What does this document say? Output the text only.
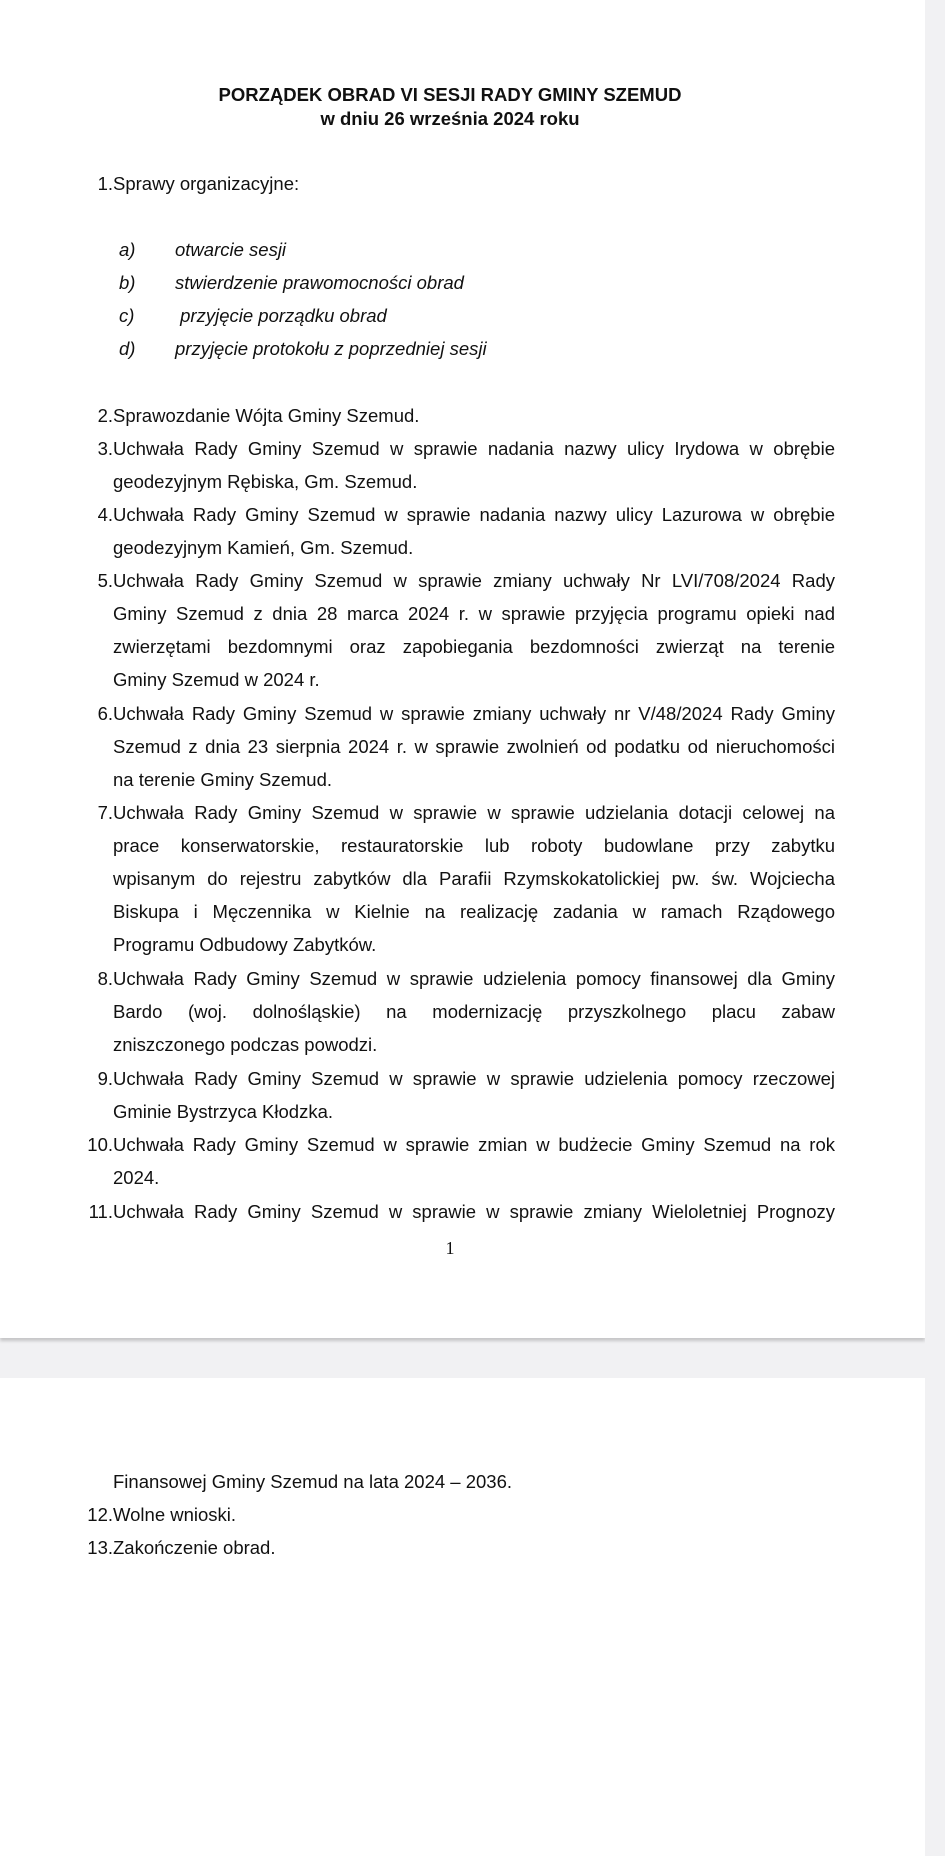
PORZĄDEK OBRAD VI SESJI RADY GMINY SZEMUD
w dniu 26 września 2024 roku
1. Sprawy organizacyjne:
a)	otwarcie sesji
b)	stwierdzenie prawomocności obrad
c)	przyjęcie porządku obrad
d)	przyjęcie protokołu z poprzedniej sesji
2. Sprawozdanie Wójta Gminy Szemud.
3. Uchwała Rady Gminy Szemud w sprawie nadania nazwy ulicy Irydowa w obrębie
geodezyjnym Rębiska, Gm. Szemud.
4. Uchwała Rady Gminy Szemud w sprawie nadania nazwy ulicy Lazurowa w obrębie
geodezyjnym Kamień, Gm. Szemud.
5. Uchwała Rady Gminy Szemud w sprawie zmiany uchwały Nr LVI/708/2024 Rady
Gminy Szemud z dnia 28 marca 2024 r. w sprawie przyjęcia programu opieki nad
zwierzętami bezdomnymi oraz zapobiegania bezdomności zwierząt na terenie
Gminy Szemud w 2024 r.
6. Uchwała Rady Gminy Szemud w sprawie zmiany uchwały nr V/48/2024 Rady Gminy
Szemud z dnia 23 sierpnia 2024 r. w sprawie zwolnień od podatku od nieruchomości
na terenie Gminy Szemud.
7. Uchwała Rady Gminy Szemud w sprawie w sprawie udzielania dotacji celowej na
prace konserwatorskie, restauratorskie lub roboty budowlane przy zabytku
wpisanym do rejestru zabytków dla Parafii Rzymskokatolickiej pw. św. Wojciecha
Biskupa i Męczennika w Kielnie na realizację zadania w ramach Rządowego
Programu Odbudowy Zabytków.
8. Uchwała Rady Gminy Szemud w sprawie udzielenia pomocy finansowej dla Gminy
Bardo (woj. dolnośląskie) na modernizację przyszkolnego placu zabaw
zniszczonego podczas powodzi.
9. Uchwała Rady Gminy Szemud w sprawie w sprawie udzielenia pomocy rzeczowej
Gminie Bystrzyca Kłodzka.
10. Uchwała Rady Gminy Szemud w sprawie zmian w budżecie Gminy Szemud na rok
2024.
11. Uchwała Rady Gminy Szemud w sprawie w sprawie zmiany Wieloletniej Prognozy
1
Finansowej Gminy Szemud na lata 2024 – 2036.
12. Wolne wnioski.
13. Zakończenie obrad.
